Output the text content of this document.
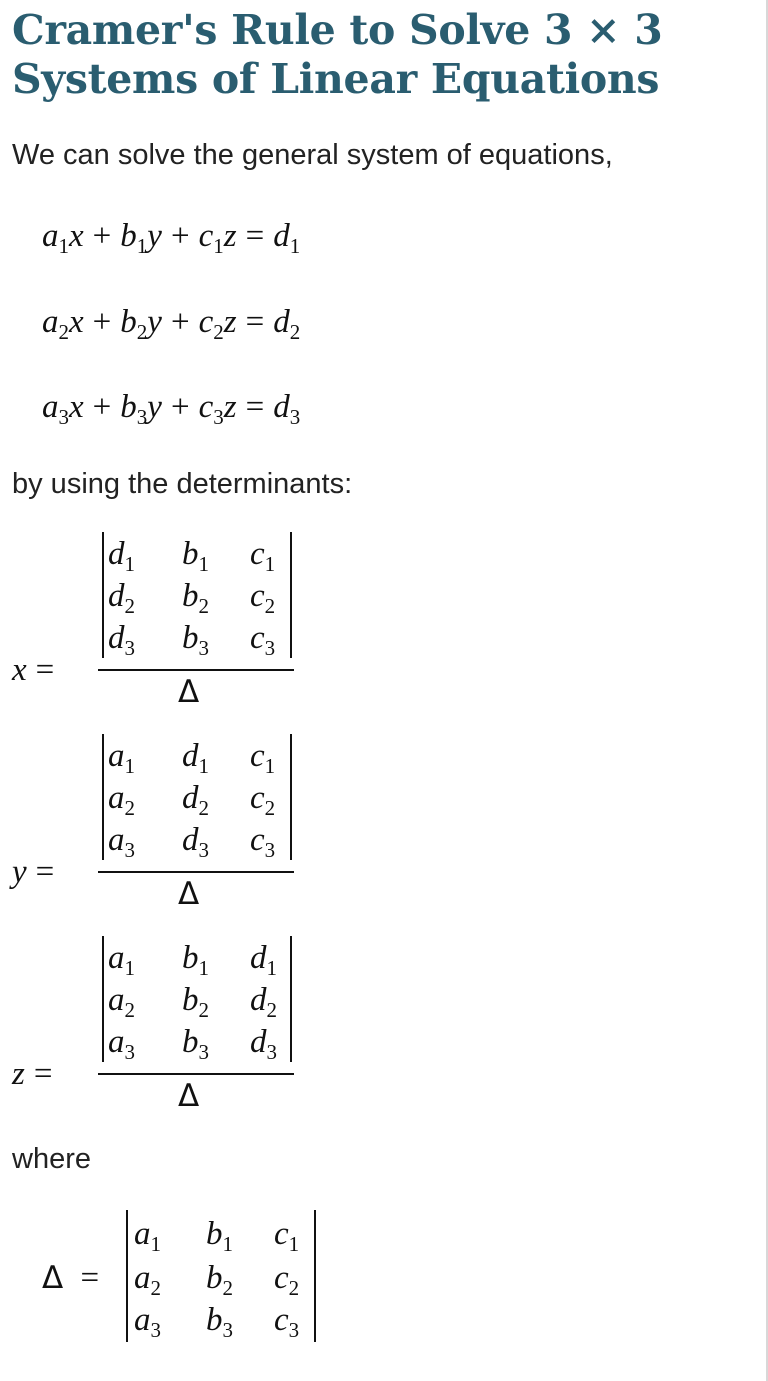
Cramer's Rule to Solve 3 × 3
Systems of Linear Equations

We can solve the general system of equations,

$a_1x + b_1y + c_1z = d_1$
$a_2x + b_2y + c_2z = d_2$
$a_3x + b_3y + c_3z = d_3$

by using the determinants:

x =
$d_1$ $b_1$ $c_1$
$d_2$ $b_2$ $c_2$
$d_3$ $b_3$ $c_3$
Δ
y =
$a_1$ $d_1$ $c_1$
$a_2$ $d_2$ $c_2$
$a_3$ $d_3$ $c_3$
Δ
z =
$a_1$ $b_1$ $d_1$
$a_2$ $b_2$ $d_2$
$a_3$ $b_3$ $d_3$
Δ

where

Δ =
$a_1$ $b_1$ $c_1$
$a_2$ $b_2$ $c_2$
$a_3$ $b_3$ $c_3$
